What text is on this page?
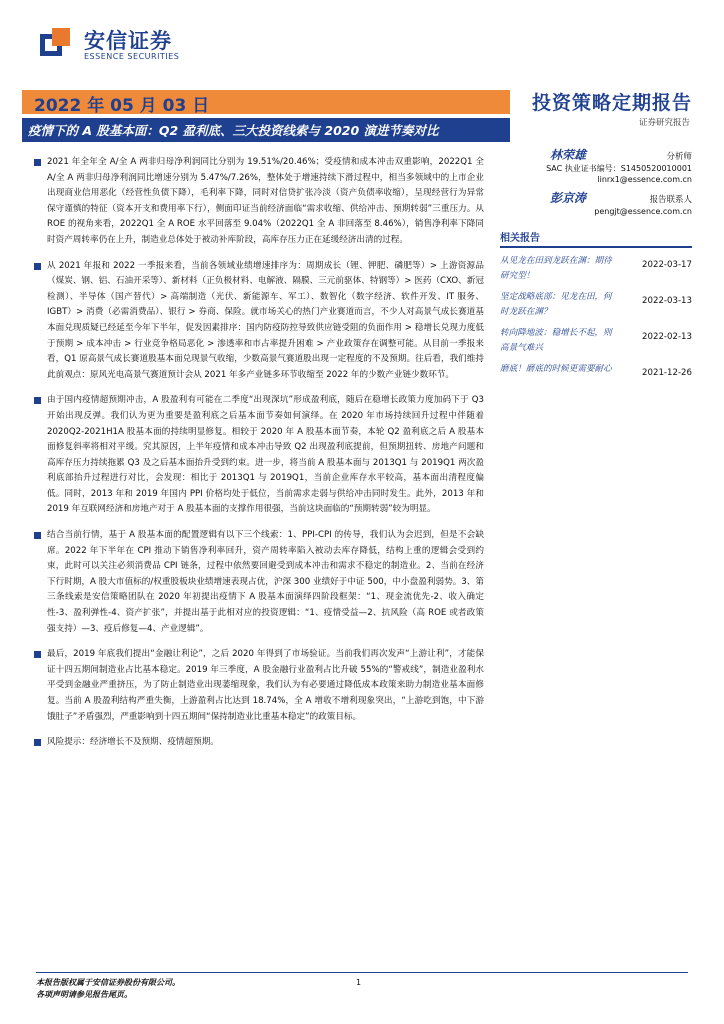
安信证券
ESSENCE SECURITIES
2022 年 05 月 03 日
疫情下的 A 股基本面：Q2 盈利底、三大投资线索与 2020 演进节奏对比
投资策略定期报告
证券研究报告
2021 年全年全 A/全 A 两非归母净利润同比分别为 19.51%/20.46%；受疫情和成本冲击双重影响，2022Q1 全 A/全 A 两非归母净利润同比增速分别为 5.47%/7.26%，整体处于增速持续下滑过程中，相当多领域中的上市企业出现商业信用恶化（经营性负债下降），毛利率下降，同时对信贷扩张冷淡（资产负债率收缩），呈现经营行为异常保守谨慎的特征（资本开支和费用率下行），侧面印证当前经济面临“需求收缩、供给冲击、预期转弱”三重压力。从 ROE 的视角来看，2022Q1 全 A ROE 水平回落至 9.04%（2022Q1 全 A 非回落至 8.46%），销售净利率下降同时资产周转率仍在上升，制造业总体处于被动补库阶段，高库存压力正在延缓经济出清的过程。
从 2021 年报和 2022 一季报来看，当前各领域业绩增速排序为：周期成长（锂、钾肥、磷肥等）> 上游资源品（煤炭、钢、铝、石油开采等）、新材料（正负极材料、电解液、隔膜、三元前驱体、特钢等）> 医药（CXO、新冠检测）、半导体（国产替代）> 高端制造（光伏、新能源车、军工）、数智化（数字经济、软件开发、IT 服务、IGBT）> 消费（必需消费品）、银行 > 券商、保险。就市场关心的热门产业赛道而言，不少人对高景气成长赛道基本面兑现质疑已经延至今年下半年，促发因素排序：国内防疫防控导致供应链受阻的负面作用 > 稳增长兑现力度低于预期 > 成本冲击 > 行业竞争格局恶化 > 渗透率和市占率提升困难 > 产业政策存在调整可能。从目前一季报来看，Q1 原高景气成长赛道股基本面兑现景气收缩，少数高景气赛道股出现一定程度的不及预期。往后看，我们维持此前观点：原风光电高景气赛道预计会从 2021 年多产业链多环节收缩至 2022 年的少数产业链少数环节。
由于国内疫情超预期冲击，A 股盈利有可能在二季度“出现深坑”形成盈利底，随后在稳增长政策力度加码下于 Q3 开始出现反弹。我们认为更为重要是盈利底之后基本面节奏如何演绎。在 2020 年市场持续回升过程中伴随着 2020Q2-2021H1A 股基本面的持续明显修复。相较于 2020 年 A 股基本面节奏，本轮 Q2 盈利底之后 A 股基本面修复斜率将相对平缓。究其原因，上半年疫情和成本冲击导致 Q2 出现盈利底提前，但预期扭转、房地产问题和高库存压力持续拖累 Q3 及之后基本面抬升受到约束。进一步，将当前 A 股基本面与 2013Q1 与 2019Q1 两次盈利底部抬升过程进行对比，会发现：相比于 2013Q1 与 2019Q1，当前企业库存水平较高，基本面出清程度偏低。同时，2013 年和 2019 年国内 PPI 价格均处于低位，当前需求走弱与供给冲击同时发生。此外，2013 年和 2019 年互联网经济和房地产对于 A 股基本面的支撑作用很强，当前这块面临的“预期转弱”较为明显。
结合当前行情，基于 A 股基本面的配置逻辑有以下三个线索：1、PPI-CPI 的传导，我们认为会迟到，但是不会缺席。2022 年下半年在 CPI 推动下销售净利率回升，资产周转率陷入被动去库存降低，结构上重的逻辑会受到约束，此时可以关注必须消费品 CPI 链条，过程中依然要回避受到成本冲击和需求不稳定的制造业。2、当前在经济下行时期，A 股大市值标的/权重股板块业绩增速表现占优，沪深 300 业绩好于中证 500，中小盘盈利弱势。3、第三条线索是安信策略团队在 2020 年初提出疫情下 A 股基本面演绎四阶段框架：“1、现金流优先-2、收入确定性-3、盈利弹性-4、资产扩张”，并提出基于此相对应的投资逻辑：“1、疫情受益—2、抗风险（高 ROE 或者政策强支持）—3、疫后修复—4、产业逻辑”。
最后，2019 年底我们提出“金融让利论”，之后 2020 年得到了市场验证。当前我们再次发声“上游让利”，才能保证十四五期间制造业占比基本稳定。2019 年三季度，A 股金融行业盈利占比升破 55%的“警戒线”，制造业盈利水平受到金融业严重挤压，为了防止制造业出现萎缩现象，我们认为有必要通过降低成本政策来助力制造业基本面修复。当前 A 股盈利结构严重失衡，上游盈利占比达到 18.74%，全 A 增收不增利现象突出，“上游吃到饱，中下游饿肚子”矛盾强烈，严重影响到十四五期间“保持制造业比重基本稳定”的政策目标。
风险提示：经济增长不及预期、疫情超预期。
林荣雄	分析师
SAC 执业证书编号：S1450520010001
linrx1@essence.com.cn
彭京涛	报告联系人
pengjt@essence.com.cn
相关报告
从见龙在田到龙跃在渊：期待研究型！
2022-03-17
坚定战略底部：见龙在田，何时龙跃在渊？
2022-03-13
转向降地波：稳增长不起，则高景气难兴
2022-02-13
磨底！磨底的时候更需要耐心	2021-12-26
本报告版权属于安信证券股份有限公司。
各项声明请参见报告尾页。
1
